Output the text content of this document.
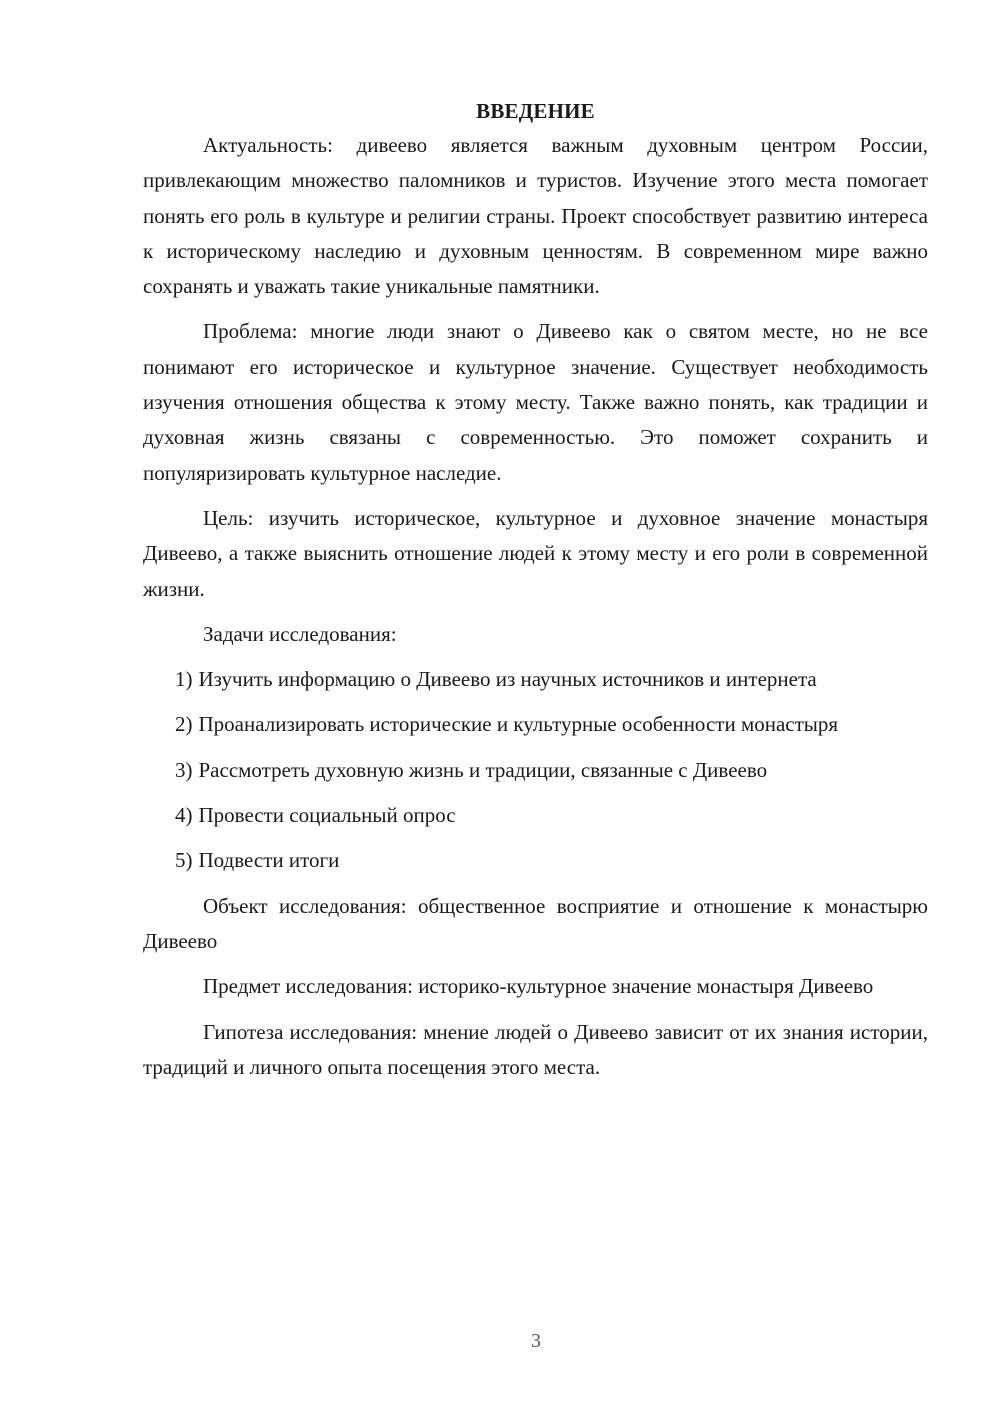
ВВЕДЕНИЕ

Актуальность: дивеево является важным духовным центром России, привлекающим множество паломников и туристов. Изучение этого места помогает понять его роль в культуре и религии страны. Проект способствует развитию интереса к историческому наследию и духовным ценностям. В современном мире важно сохранять и уважать такие уникальные памятники.

Проблема: многие люди знают о Дивеево как о святом месте, но не все понимают его историческое и культурное значение. Существует необходимость изучения отношения общества к этому месту. Также важно понять, как традиции и духовная жизнь связаны с современностью. Это поможет сохранить и популяризировать культурное наследие.

Цель: изучить историческое, культурное и духовное значение монастыря Дивеево, а также выяснить отношение людей к этому месту и его роли в современной жизни.

Задачи исследования:

1) Изучить информацию о Дивеево из научных источников и интернета

2) Проанализировать исторические и культурные особенности монастыря

3) Рассмотреть духовную жизнь и традиции, связанные с Дивеево

4) Провести социальный опрос

5) Подвести итоги

Объект исследования: общественное восприятие и отношение к монастырю Дивеево

Предмет исследования: историко-культурное значение монастыря Дивеево

Гипотеза исследования: мнение людей о Дивеево зависит от их знания истории, традиций и личного опыта посещения этого места.

3
